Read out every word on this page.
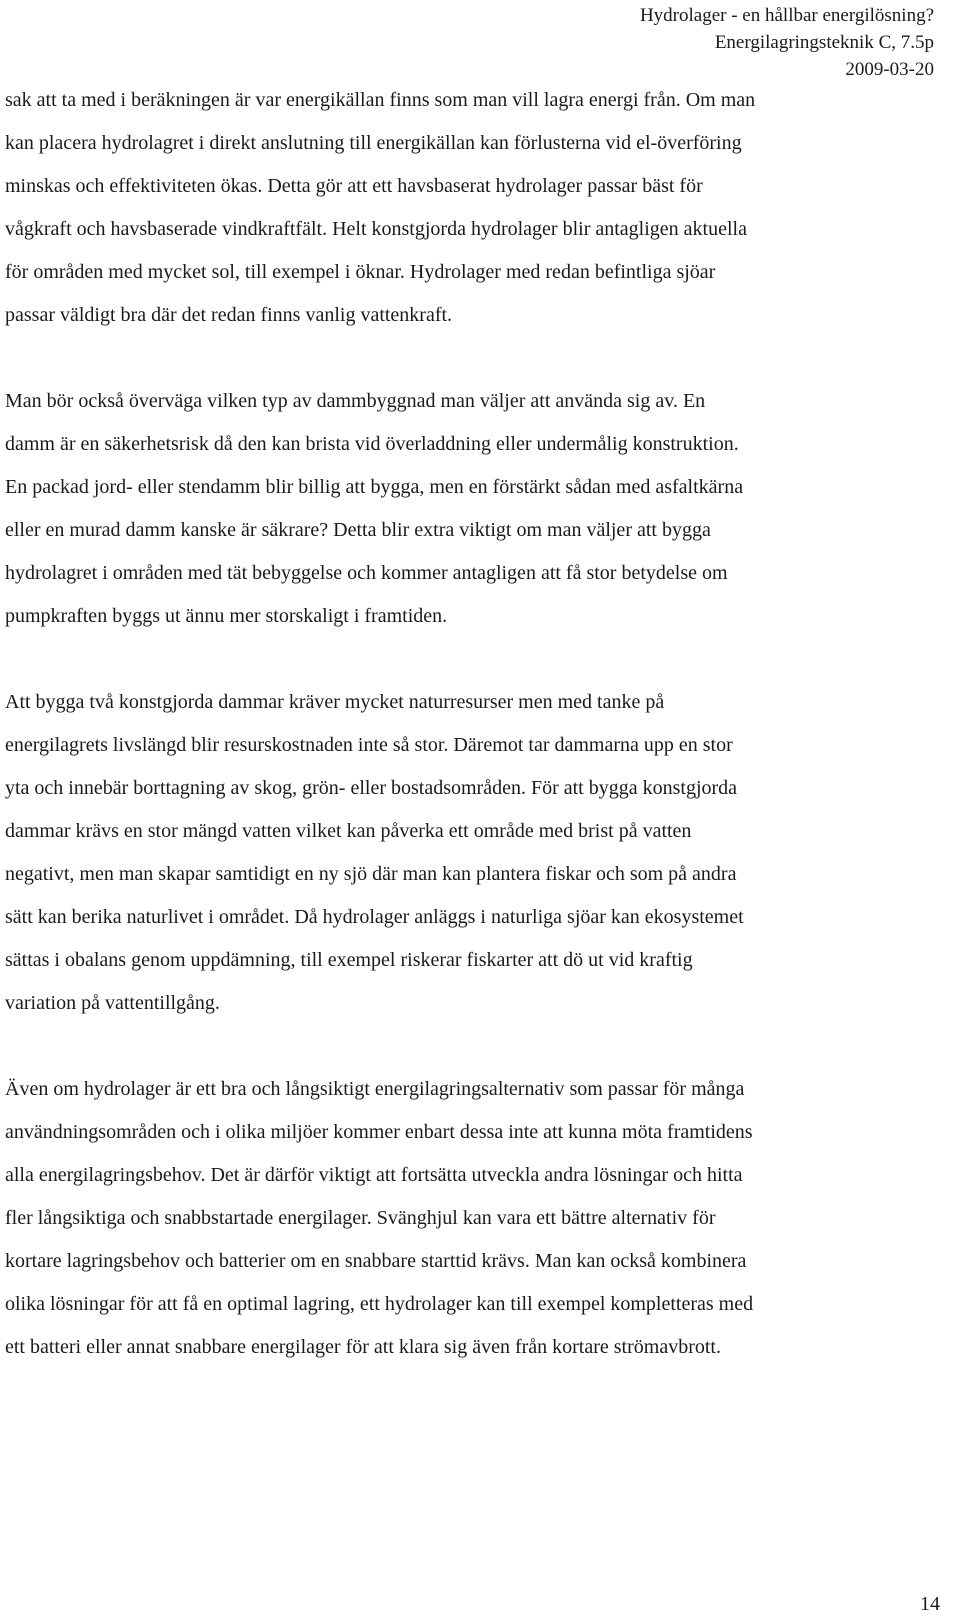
Hydrolager - en hållbar energilösning?
Energilagringsteknik C, 7.5p
2009-03-20

sak att ta med i beräkningen är var energikällan finns som man vill lagra energi från. Om man
kan placera hydrolagret i direkt anslutning till energikällan kan förlusterna vid el-överföring
minskas och effektiviteten ökas. Detta gör att ett havsbaserat hydrolager passar bäst för
vågkraft och havsbaserade vindkraftfält. Helt konstgjorda hydrolager blir antagligen aktuella
för områden med mycket sol, till exempel i öknar. Hydrolager med redan befintliga sjöar
passar väldigt bra där det redan finns vanlig vattenkraft.

Man bör också överväga vilken typ av dammbyggnad man väljer att använda sig av. En
damm är en säkerhetsrisk då den kan brista vid överladdning eller undermålig konstruktion.
En packad jord- eller stendamm blir billig att bygga, men en förstärkt sådan med asfaltkärna
eller en murad damm kanske är säkrare? Detta blir extra viktigt om man väljer att bygga
hydrolagret i områden med tät bebyggelse och kommer antagligen att få stor betydelse om
pumpkraften byggs ut ännu mer storskaligt i framtiden.

Att bygga två konstgjorda dammar kräver mycket naturresurser men med tanke på
energilagrets livslängd blir resurskostnaden inte så stor. Däremot tar dammarna upp en stor
yta och innebär borttagning av skog, grön- eller bostadsområden. För att bygga konstgjorda
dammar krävs en stor mängd vatten vilket kan påverka ett område med brist på vatten
negativt, men man skapar samtidigt en ny sjö där man kan plantera fiskar och som på andra
sätt kan berika naturlivet i området. Då hydrolager anläggs i naturliga sjöar kan ekosystemet
sättas i obalans genom uppdämning, till exempel riskerar fiskarter att dö ut vid kraftig
variation på vattentillgång.

Även om hydrolager är ett bra och långsiktigt energilagringsalternativ som passar för många
användningsområden och i olika miljöer kommer enbart dessa inte att kunna möta framtidens
alla energilagringsbehov. Det är därför viktigt att fortsätta utveckla andra lösningar och hitta
fler långsiktiga och snabbstartade energilager. Svänghjul kan vara ett bättre alternativ för
kortare lagringsbehov och batterier om en snabbare starttid krävs. Man kan också kombinera
olika lösningar för att få en optimal lagring, ett hydrolager kan till exempel kompletteras med
ett batteri eller annat snabbare energilager för att klara sig även från kortare strömavbrott.

14
